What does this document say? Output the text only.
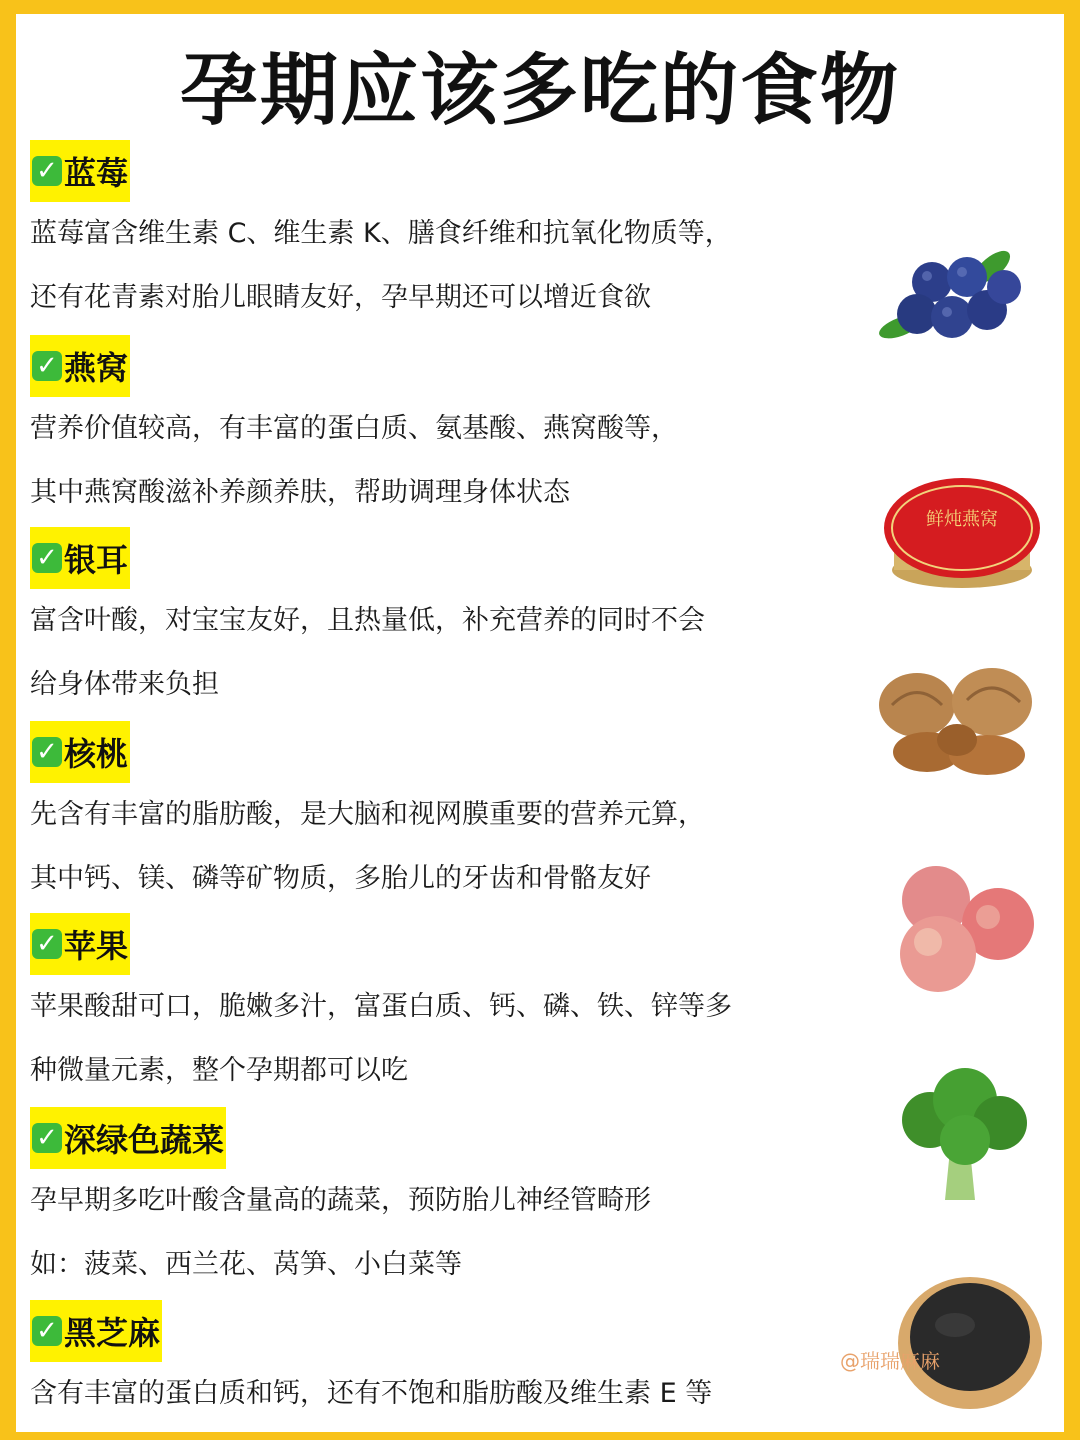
孕期应该多吃的食物
✓ 蓝莓
蓝莓富含维生素 C、维生素 K、膳食纤维和抗氧化物质等，
还有花青素对胎儿眼睛友好，孕早期还可以增近食欲
✓ 燕窝
营养价值较高，有丰富的蛋白质、氨基酸、燕窝酸等，
其中燕窝酸滋补养颜养肤，帮助调理身体状态
✓ 银耳
富含叶酸，对宝宝友好，且热量低，补充营养的同时不会
给身体带来负担
✓ 核桃
先含有丰富的脂肪酸，是大脑和视网膜重要的营养元算，
其中钙、镁、磷等矿物质，多胎儿的牙齿和骨骼友好
✓ 苹果
苹果酸甜可口，脆嫩多汁，富蛋白质、钙、磷、铁、锌等多
种微量元素，整个孕期都可以吃
✓ 深绿色蔬菜
孕早期多吃叶酸含量高的蔬菜，预防胎儿神经管畸形
如：菠菜、西兰花、莴笋、小白菜等
✓ 黑芝麻
含有丰富的蛋白质和钙，还有不饱和脂肪酸及维生素 E 等
鲜炖燕窝
@瑞瑞麻麻
